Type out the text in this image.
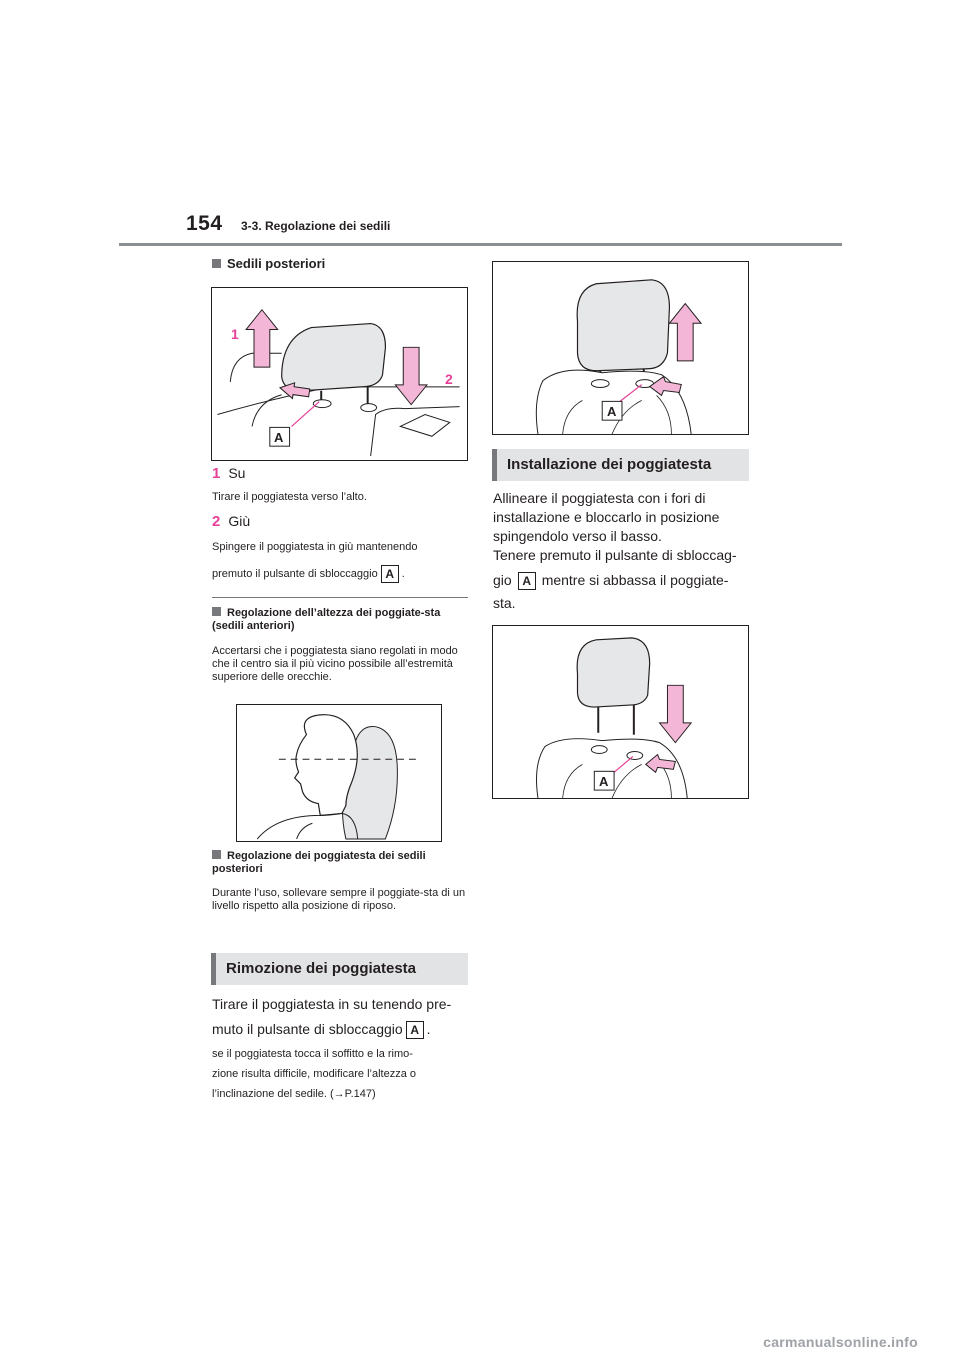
154 3-3. Regolazione dei sedili
Sedili posteriori
1
2
A
1 Su
Tirare il poggiatesta verso l’alto.
2 Giù
Spingere il poggiatesta in giù mantenendo
premuto il pulsante di sbloccaggio A .
Regolazione dell’altezza dei poggiate-sta (sedili anteriori)
Accertarsi che i poggiatesta siano regolati in modo che il centro sia il più vicino possibile all’estremità superiore delle orecchie.
Regolazione dei poggiatesta dei sedili posteriori
Durante l’uso, sollevare sempre il poggiate-sta di un livello rispetto alla posizione di riposo.
Rimozione dei poggiatesta
Tirare il poggiatesta in su tenendo pre-
muto il pulsante di sbloccaggio A .
se il poggiatesta tocca il soffitto e la rimo-
zione risulta difficile, modificare l’altezza o
l’inclinazione del sedile. (→P.147)
A
Installazione dei poggiatesta
Allineare il poggiatesta con i fori di
installazione e bloccarlo in posizione
spingendolo verso il basso.
Tenere premuto il pulsante di sbloccag-
gio A mentre si abbassa il poggiate-
sta.
A
carmanualsonline.info
